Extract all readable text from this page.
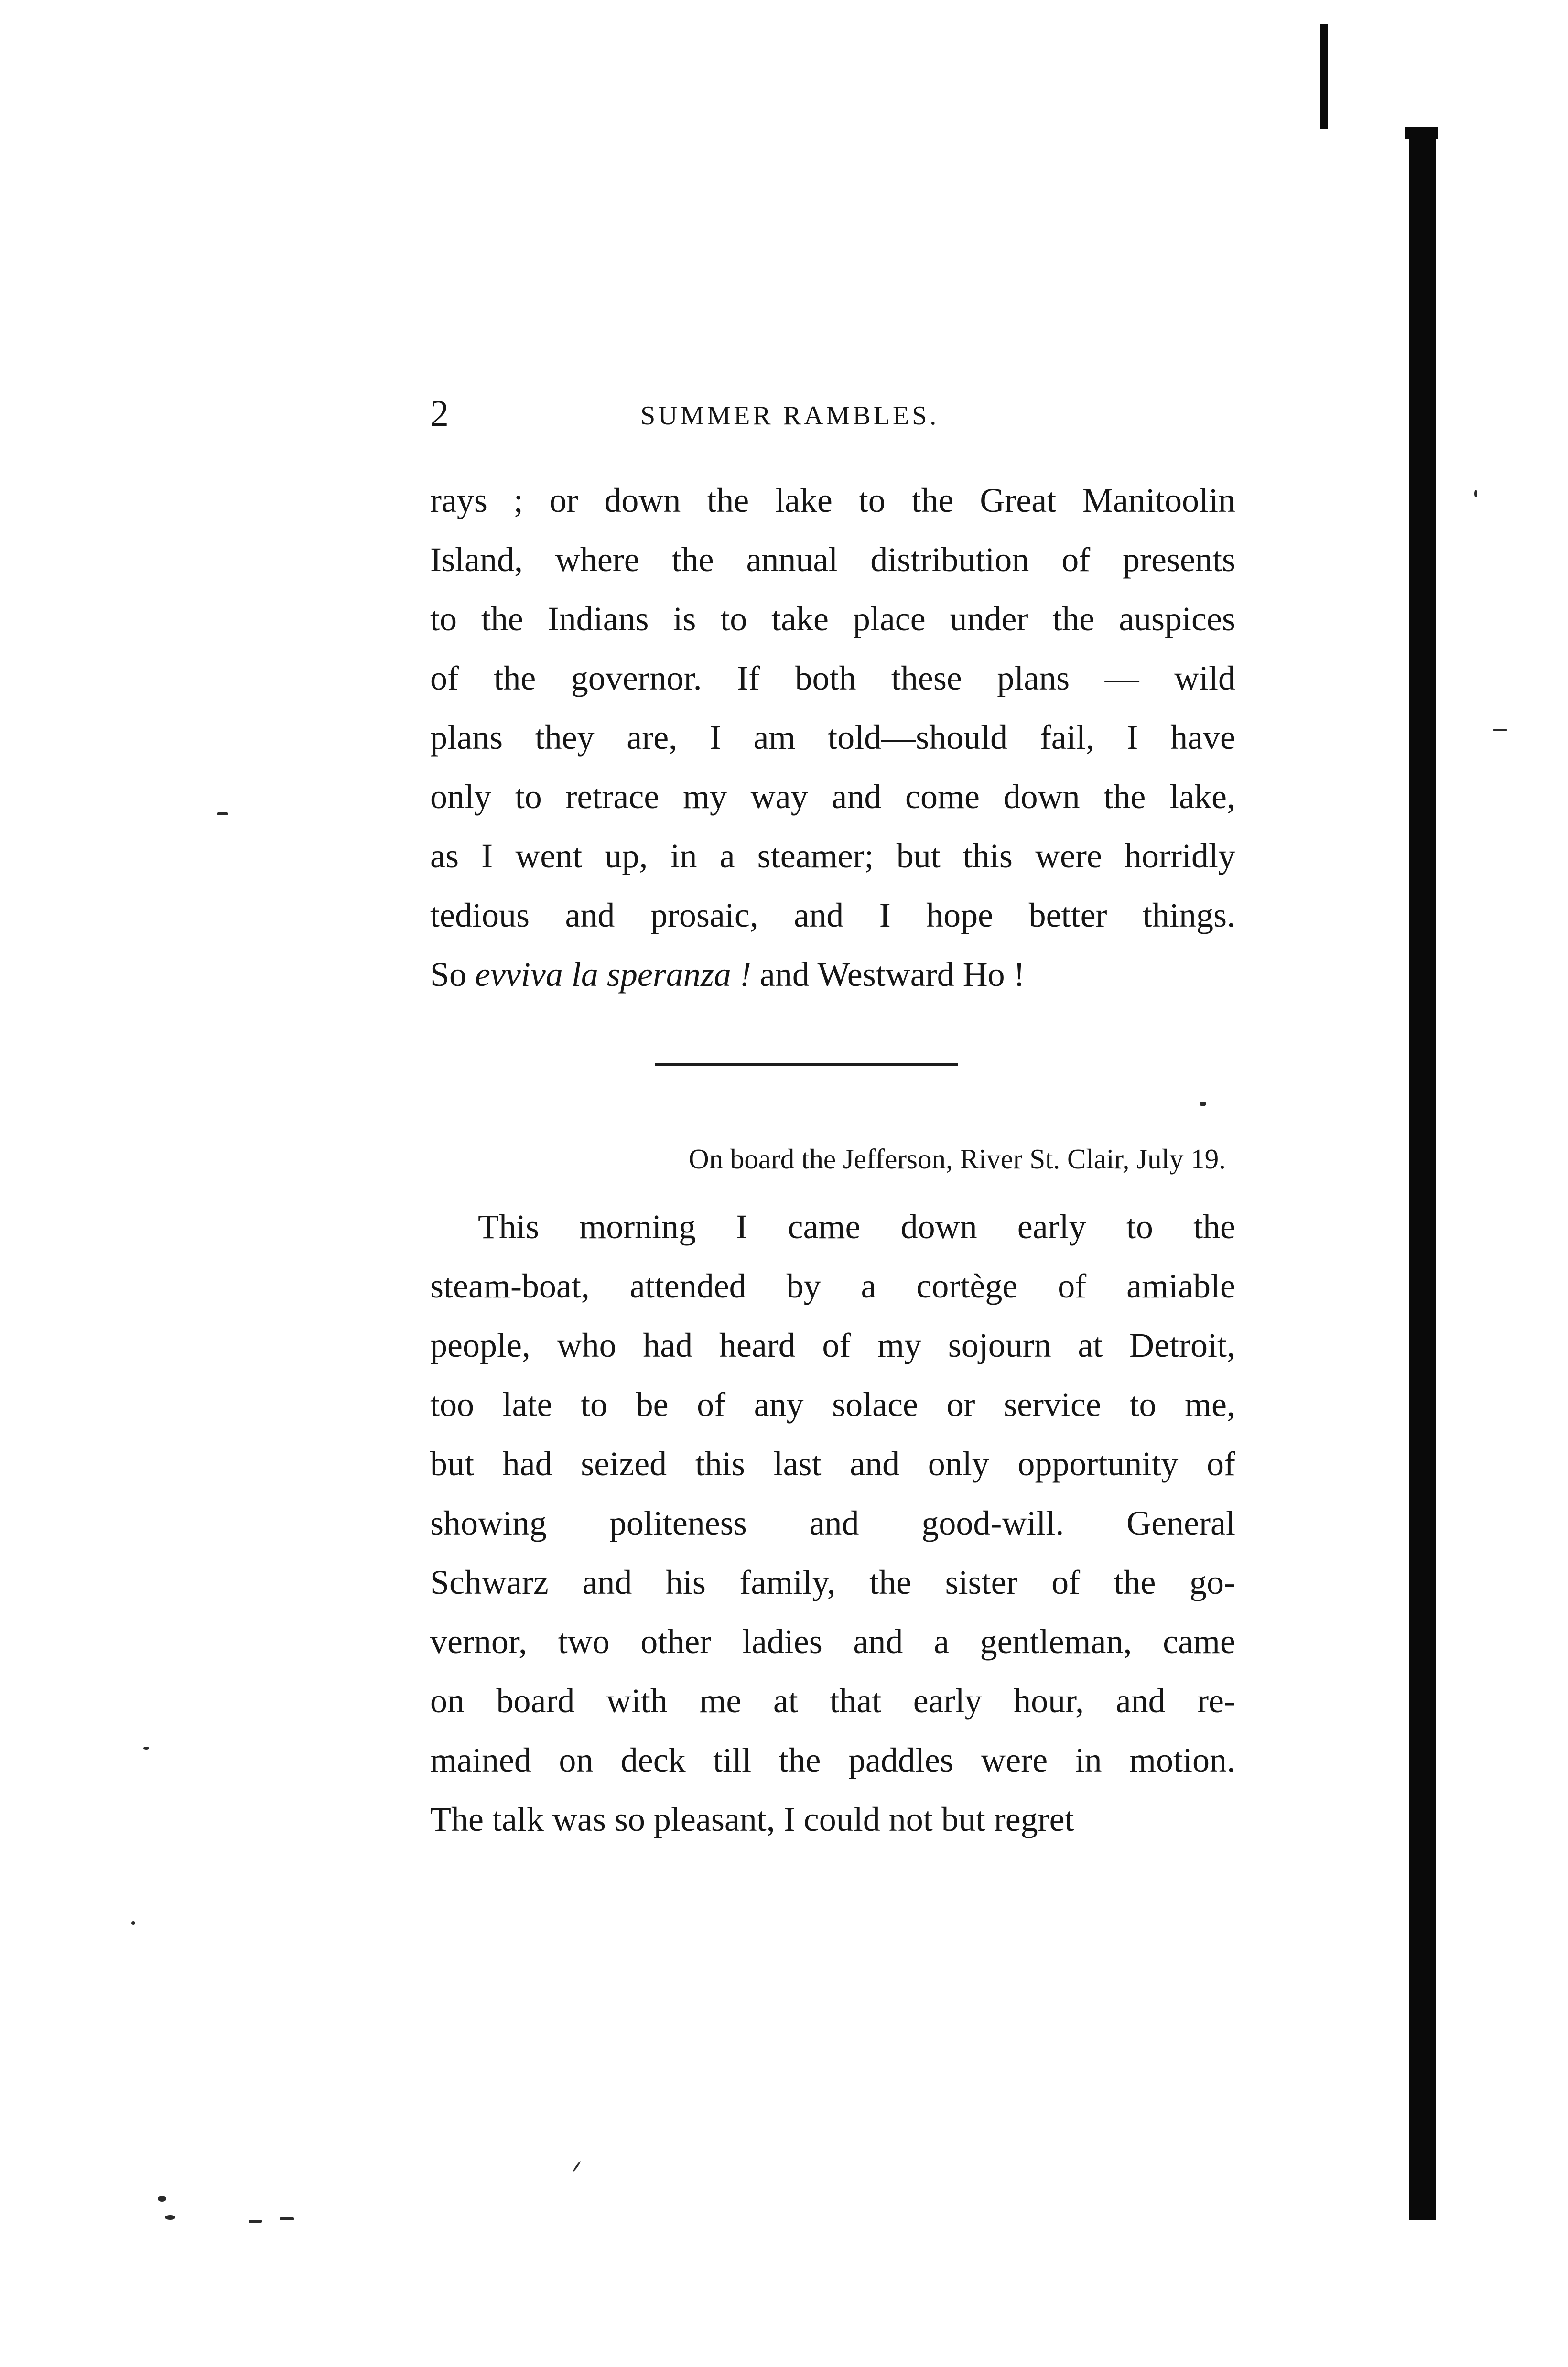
2	SUMMER RAMBLES.
rays ; or down the lake to the Great Manitoolin
Island, where the annual distribution of presents
to the Indians is to take place under the auspices
of the governor. If both these plans — wild
plans they are, I am told—should fail, I have
only to retrace my way and come down the lake,
as I went up, in a steamer; but this were horridly
tedious and prosaic, and I hope better things.
So evviva la speranza ! and Westward Ho !
On board the Jefferson, River St. Clair, July 19.
This morning I came down early to the
steam-boat, attended by a cortège of amiable
people, who had heard of my sojourn at Detroit,
too late to be of any solace or service to me,
but had seized this last and only opportunity of
showing politeness and good-will. General
Schwarz and his family, the sister of the go-
vernor, two other ladies and a gentleman, came
on board with me at that early hour, and re-
mained on deck till the paddles were in motion.
The talk was so pleasant, I could not but regret
